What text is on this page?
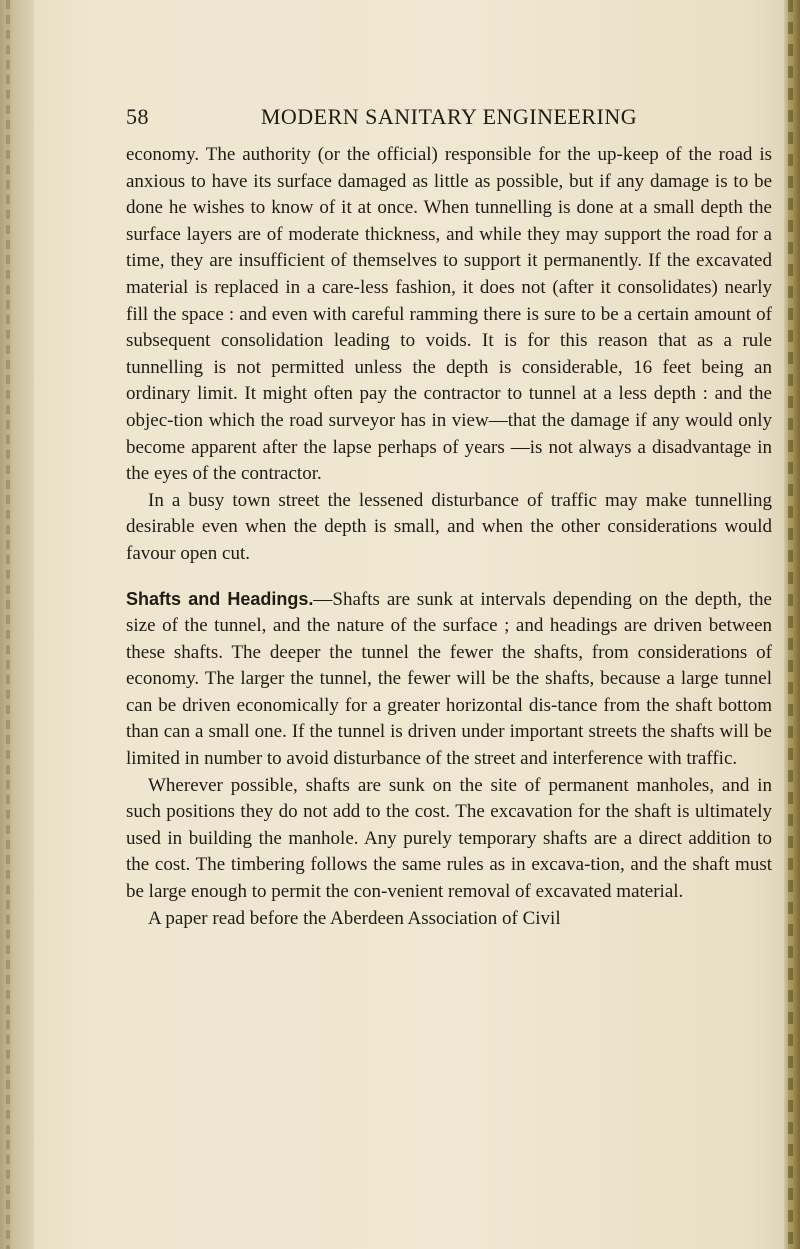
58	MODERN SANITARY ENGINEERING

economy. The authority (or the official) responsible for the up-keep of the road is anxious to have its surface damaged as little as possible, but if any damage is to be done he wishes to know of it at once. When tunnelling is done at a small depth the surface layers are of moderate thickness, and while they may support the road for a time, they are insufficient of themselves to support it permanently. If the excavated material is replaced in a care-less fashion, it does not (after it consolidates) nearly fill the space : and even with careful ramming there is sure to be a certain amount of subsequent consolidation leading to voids. It is for this reason that as a rule tunnelling is not permitted unless the depth is considerable, 16 feet being an ordinary limit. It might often pay the contractor to tunnel at a less depth : and the objec-tion which the road surveyor has in view—that the damage if any would only become apparent after the lapse perhaps of years —is not always a disadvantage in the eyes of the contractor.

In a busy town street the lessened disturbance of traffic may make tunnelling desirable even when the depth is small, and when the other considerations would favour open cut.

Shafts and Headings.—Shafts are sunk at intervals depending on the depth, the size of the tunnel, and the nature of the surface ; and headings are driven between these shafts. The deeper the tunnel the fewer the shafts, from considerations of economy. The larger the tunnel, the fewer will be the shafts, because a large tunnel can be driven economically for a greater horizontal dis-tance from the shaft bottom than can a small one. If the tunnel is driven under important streets the shafts will be limited in number to avoid disturbance of the street and interference with traffic.

Wherever possible, shafts are sunk on the site of permanent manholes, and in such positions they do not add to the cost. The excavation for the shaft is ultimately used in building the manhole. Any purely temporary shafts are a direct addition to the cost. The timbering follows the same rules as in excava-tion, and the shaft must be large enough to permit the con-venient removal of excavated material.

A paper read before the Aberdeen Association of Civil
